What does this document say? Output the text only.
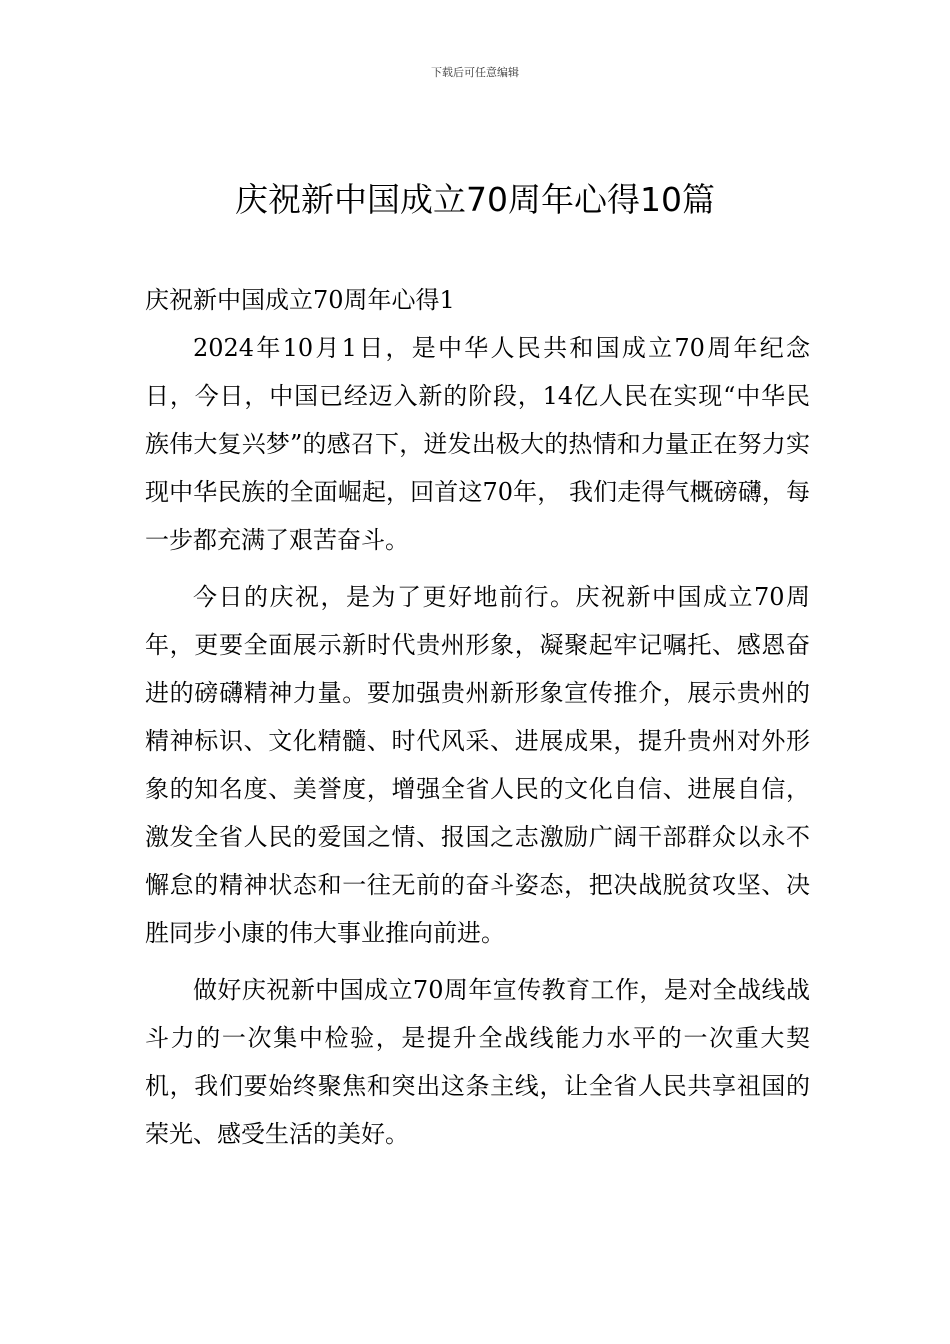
下载后可任意编辑
庆祝新中国成立70周年心得10篇

庆祝新中国成立70周年心得1

2024年10月1日，是中华人民共和国成立70周年纪念日，今日，中国已经迈入新的阶段，14亿人民在实现“中华民族伟大复兴梦”的感召下，迸发出极大的热情和力量正在努力实现中华民族的全面崛起，回首这70年， 我们走得气概磅礴，每一步都充满了艰苦奋斗。

今日的庆祝，是为了更好地前行。庆祝新中国成立70周年，更要全面展示新时代贵州形象，凝聚起牢记嘱托、感恩奋进的磅礴精神力量。要加强贵州新形象宣传推介，展示贵州的精神标识、文化精髓、时代风采、进展成果，提升贵州对外形象的知名度、美誉度，增强全省人民的文化自信、进展自信，激发全省人民的爱国之情、报国之志激励广阔干部群众以永不懈怠的精神状态和一往无前的奋斗姿态，把决战脱贫攻坚、决胜同步小康的伟大事业推向前进。

做好庆祝新中国成立70周年宣传教育工作，是对全战线战斗力的一次集中检验，是提升全战线能力水平的一次重大契机，我们要始终聚焦和突出这条主线，让全省人民共享祖国的荣光、感受生活的美好。
